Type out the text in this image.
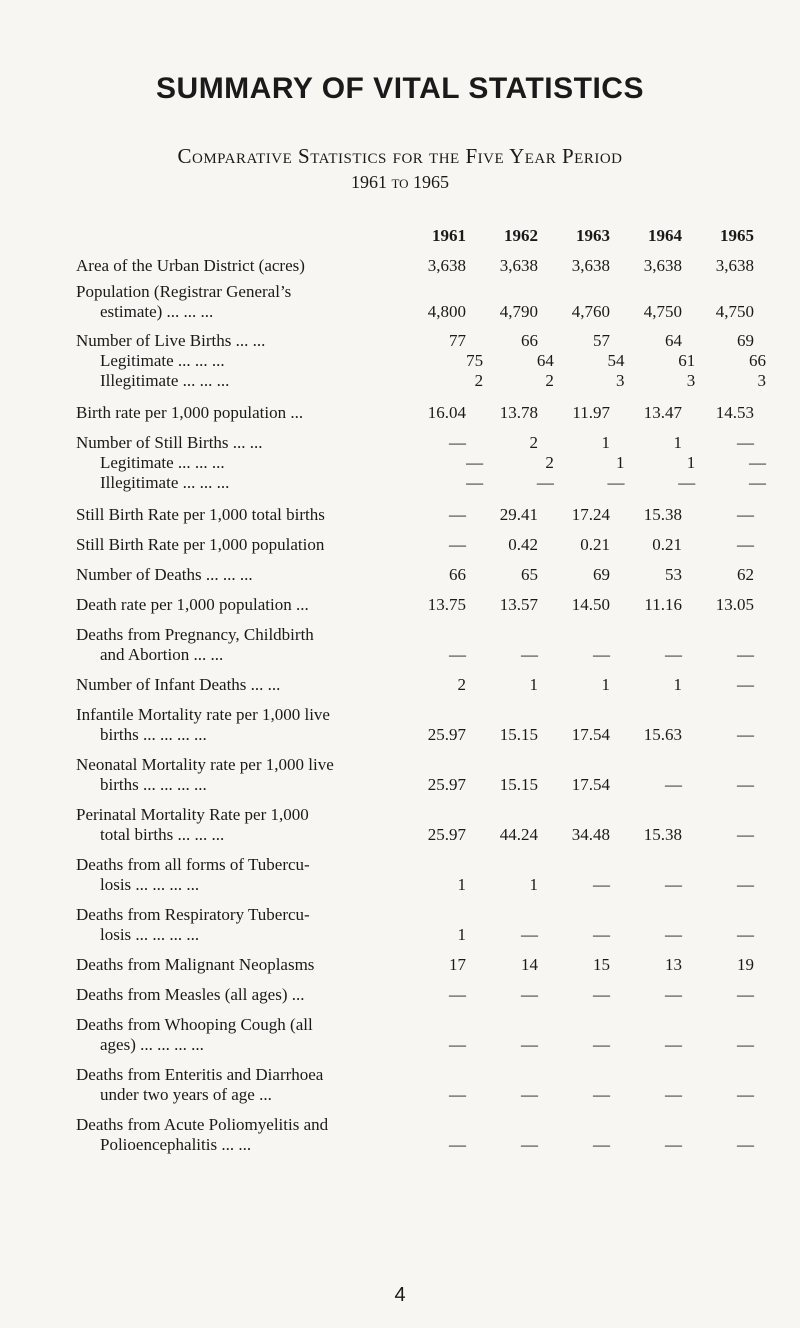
SUMMARY OF VITAL STATISTICS
Comparative Statistics for the Five Year Period
1961 to 1965
1961	1962	1963	1964	1965
Area of the Urban District (acres)	3,638	3,638	3,638	3,638	3,638
Population (Registrar General’s
estimate) ... ... ...	4,800	4,790	4,760	4,750	4,750
Number of Live Births ... ...	77	66	57	64	69
Legitimate ... ... ...	75	64	54	61	66
Illegitimate ... ... ...	2	2	3	3	3
Birth rate per 1,000 population ...	16.04	13.78	11.97	13.47	14.53
Number of Still Births ... ...	—	2	1	1	—
Legitimate ... ... ...	—	2	1	1	—
Illegitimate ... ... ...	—	—	—	—	—
Still Birth Rate per 1,000 total births	—	29.41	17.24	15.38	—
Still Birth Rate per 1,000 population	—	0.42	0.21	0.21	—
Number of Deaths ... ... ...	66	65	69	53	62
Death rate per 1,000 population ...	13.75	13.57	14.50	11.16	13.05
Deaths from Pregnancy, Childbirth
and Abortion ... ...	—	—	—	—	—
Number of Infant Deaths ... ...	2	1	1	1	—
Infantile Mortality rate per 1,000 live
births ... ... ... ...	25.97	15.15	17.54	15.63	—
Neonatal Mortality rate per 1,000 live
births ... ... ... ...	25.97	15.15	17.54	—	—
Perinatal Mortality Rate per 1,000
total births ... ... ...	25.97	44.24	34.48	15.38	—
Deaths from all forms of Tubercu-
losis ... ... ... ...	1	1	—	—	—
Deaths from Respiratory Tubercu-
losis ... ... ... ...	1	—	—	—	—
Deaths from Malignant Neoplasms	17	14	15	13	19
Deaths from Measles (all ages) ...	—	—	—	—	—
Deaths from Whooping Cough (all
ages) ... ... ... ...	—	—	—	—	—
Deaths from Enteritis and Diarrhoea
under two years of age ...	—	—	—	—	—
Deaths from Acute Poliomyelitis and
Polioencephalitis ... ...	—	—	—	—	—
4
